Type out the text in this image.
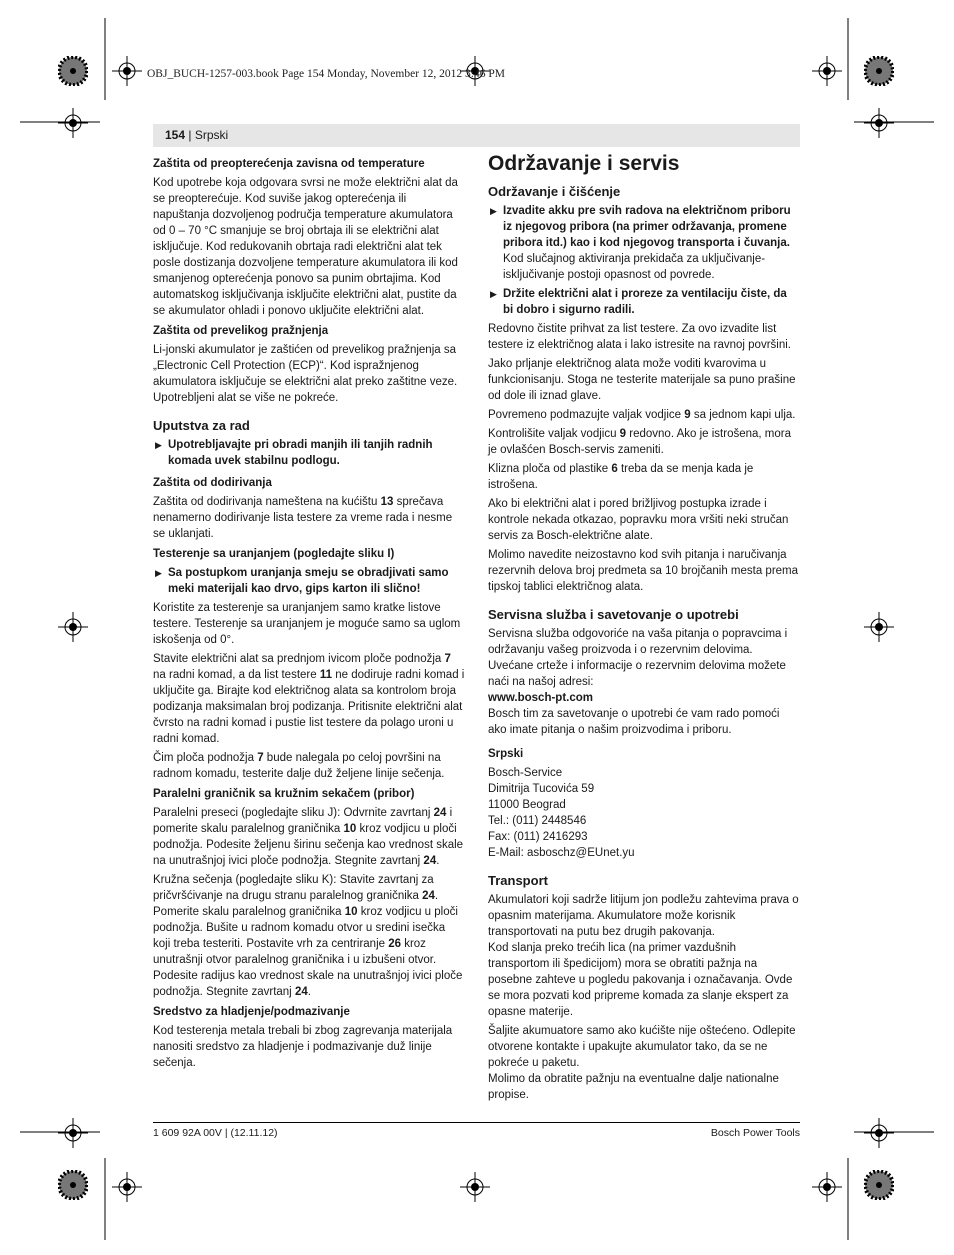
OBJ_BUCH-1257-003.book Page 154 Monday, November 12, 2012 3:46 PM
154 | Srpski
Zaštita od preopterećenja zavisna od temperature

Kod upotrebe koja odgovara svrsi ne može električni alat da se preopterećuje. Kod suviše jakog opterećenja ili napuštanja dozvoljenog područja temperature akumulatora od 0 – 70 °C smanjuje se broj obrtaja ili se električni alat isključuje. Kod redukovanih obrtaja radi električni alat tek posle dostizanja dozvoljene temperature akumulatora ili kod smanjenog opterećenja ponovo sa punim obrtajima. Kod automatskog isključivanja isključite električni alat, pustite da se akumulator ohladi i ponovo uključite električni alat.

Zaštita od prevelikog pražnjenja

Li-jonski akumulator je zaštićen od prevelikog pražnjenja sa „Electronic Cell Protection (ECP)“. Kod ispražnjenog akumulatora isključuje se električni alat preko zaštitne veze. Upotrebljeni alat se više ne pokreće.

Uputstva za rad
▶ Upotrebljavajte pri obradi manjih ili tanjih radnih komada uvek stabilnu podlogu.
Zaštita od dodirivanja

Zaštita od dodirivanja nameštena na kućištu 13 sprečava nenamerno dodirivanje lista testere za vreme rada i nesme se uklanjati.

Testerenje sa uranjanjem (pogledajte sliku I)
▶ Sa postupkom uranjanja smeju se obradjivati samo meki materijali kao drvo, gips karton ili slično!

Koristite za testerenje sa uranjanjem samo kratke listove testere. Testerenje sa uranjanjem je moguće samo sa uglom iskošenja od 0°.

Stavite električni alat sa prednjom ivicom ploče podnožja 7 na radni komad, a da list testere 11 ne dodiruje radni komad i uključite ga. Birajte kod električnog alata sa kontrolom broja podizanja maksimalan broj podizanja. Pritisnite električni alat čvrsto na radni komad i pustie list testere da polago uroni u radni komad.

Čim ploča podnožja 7 bude nalegala po celoj površini na radnom komadu, testerite dalje duž željene linije sečenja.

Paralelni graničnik sa kružnim sekačem (pribor)

Paralelni preseci (pogledajte sliku J): Odvrnite zavrtanj 24 i pomerite skalu paralelnog graničnika 10 kroz vodjicu u ploči podnožja. Podesite željenu širinu sečenja kao vrednost skale na unutrašnjoj ivici ploče podnožja. Stegnite zavrtanj 24.

Kružna sečenja (pogledajte sliku K): Stavite zavrtanj za pričvršćivanje na drugu stranu paralelnog graničnika 24. Pomerite skalu paralelnog graničnika 10 kroz vodjicu u ploči podnožja. Bušite u radnom komadu otvor u sredini isečka koji treba testeriti. Postavite vrh za centriranje 26 kroz unutrašnji otvor paralelnog graničnika i u izbušeni otvor. Podesite radijus kao vrednost skale na unutrašnjoj ivici ploče podnožja. Stegnite zavrtanj 24.

Sredstvo za hladjenje/podmazivanje

Kod testerenja metala trebali bi zbog zagrevanja materijala nanositi sredstvo za hladjenje i podmazivanje duž linije sečenja.

Održavanje i servis
Održavanje i čišćenje
▶ Izvadite akku pre svih radova na električnom priboru iz njegovog pribora (na primer održavanja, promene pribora itd.) kao i kod njegovog transporta i čuvanja. Kod slučajnog aktiviranja prekidača za uključivanje-isključivanje postoji opasnost od povrede.
▶ Držite električni alat i proreze za ventilaciju čiste, da bi dobro i sigurno radili.

Redovno čistite prihvat za list testere. Za ovo izvadite list testere iz električnog alata i lako istresite na ravnoj površini.

Jako prljanje električnog alata može voditi kvarovima u funkcionisanju. Stoga ne testerite materijale sa puno prašine od dole ili iznad glave.

Povremeno podmazujte valjak vodjice 9 sa jednom kapi ulja.

Kontrolišite valjak vodjicu 9 redovno. Ako je istrošena, mora je ovlašćen Bosch-servis zameniti.

Klizna ploča od plastike 6 treba da se menja kada je istrošena.

Ako bi električni alat i pored brižljivog postupka izrade i kontrole nekada otkazao, popravku mora vršiti neki stručan servis za Bosch-električne alate.

Molimo navedite neizostavno kod svih pitanja i naručivanja rezervnih delova broj predmeta sa 10 brojčanih mesta prema tipskoj tablici električnog alata.

Servisna služba i savetovanje o upotrebi

Servisna služba odgovoriće na vaša pitanja o popravcima i održavanju vašeg proizvoda i o rezervnim delovima. Uvećane crteže i informacije o rezervnim delovima možete naći na našoj adresi:

www.bosch-pt.com

Bosch tim za savetovanje o upotrebi će vam rado pomoći ako imate pitanja o našim proizvodima i priboru.

Srpski

Bosch-Service

Dimitrija Tucovića 59

11000 Beograd

Tel.: (011) 2448546

Fax: (011) 2416293

E-Mail: asboschz@EUnet.yu

Transport

Akumulatori koji sadrže litijum jon podležu zahtevima prava o opasnim materijama. Akumulatore može korisnik transportovati na putu bez drugih pakovanja.

Kod slanja preko trećih lica (na primer vazdušnih transportom ili špedicijom) mora se obratiti pažnja na posebne zahteve u pogledu pakovanja i označavanja. Ovde se mora pozvati kod pripreme komada za slanje ekspert za opasne materije.

Šaljite akumuatore samo ako kućište nije oštećeno. Odlepite otvorene kontakte i upakujte akumulator tako, da se ne pokreće u paketu.

Molimo da obratite pažnju na eventualne dalje nationalne propise.

1 609 92A 00V | (12.11.12)	Bosch Power Tools
